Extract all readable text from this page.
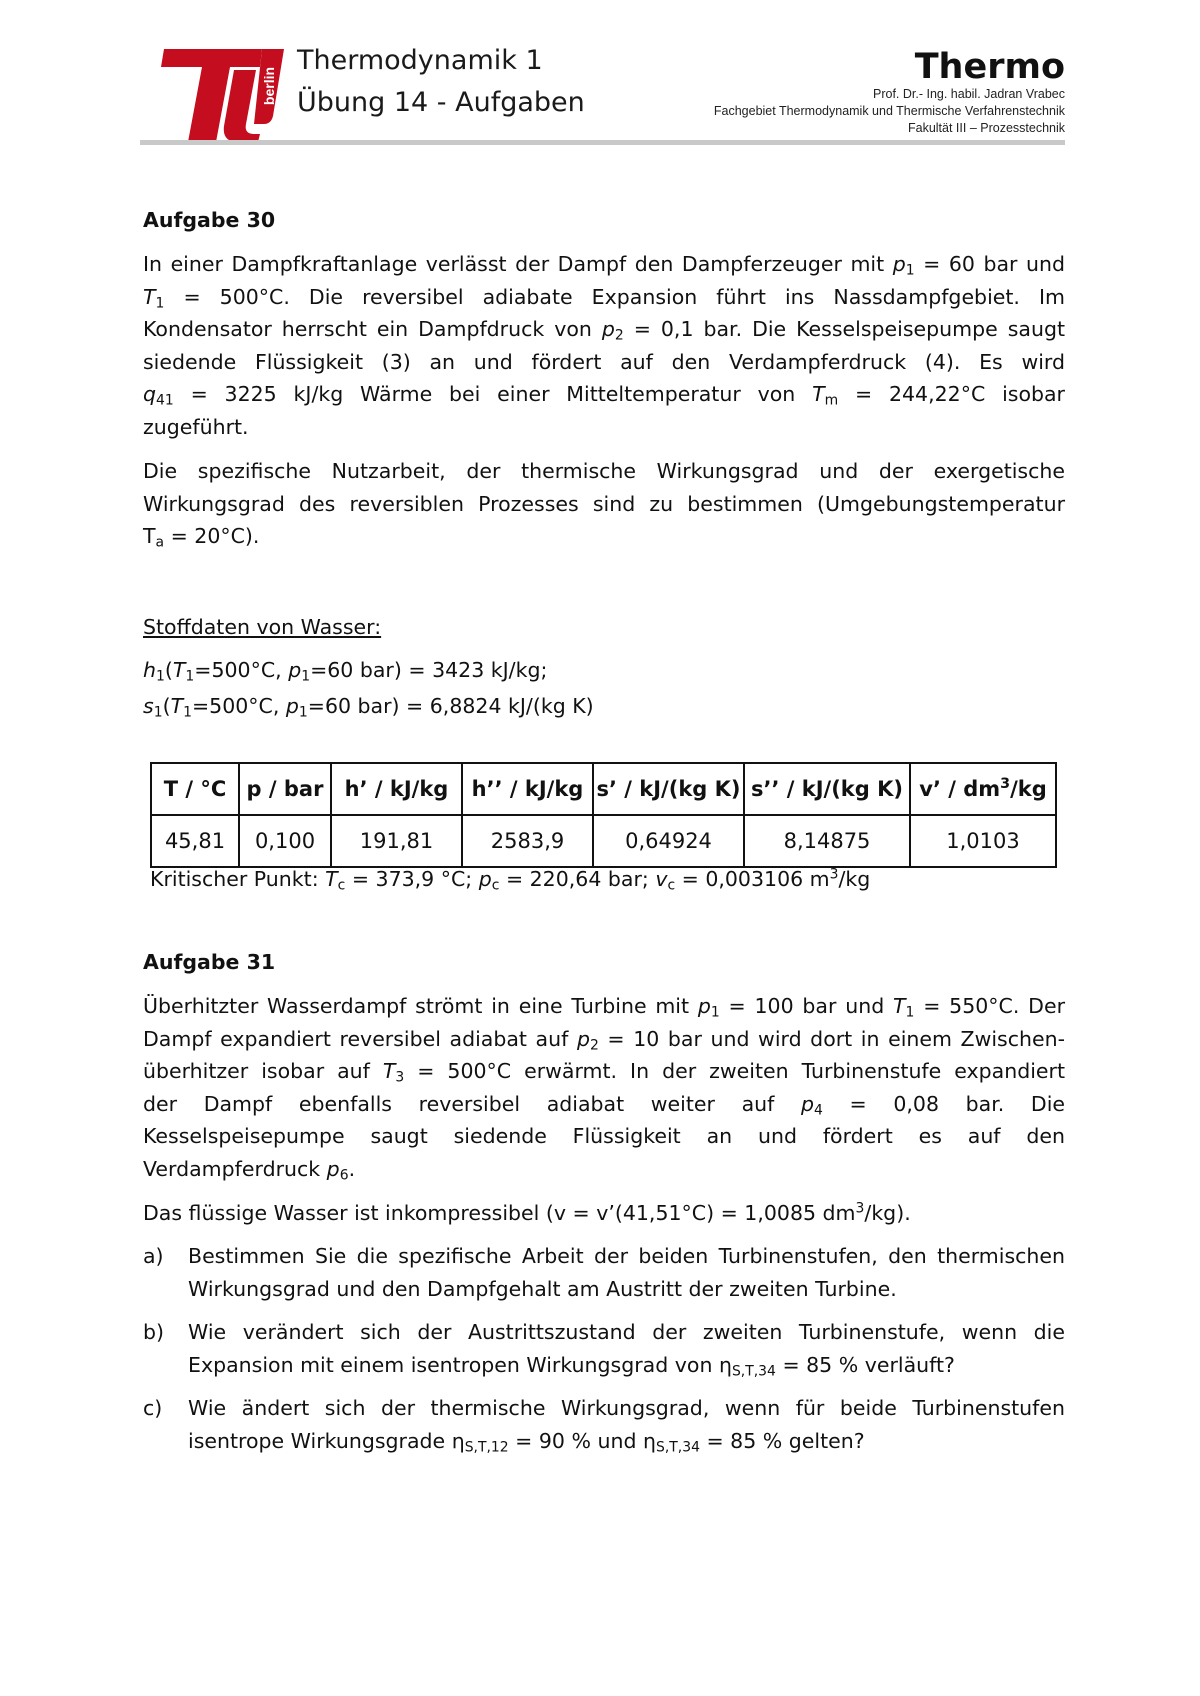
berlin
Thermodynamik 1
Übung 14 - Aufgaben
Thermo
Prof. Dr.- Ing. habil. Jadran Vrabec
Fachgebiet Thermodynamik und Thermische Verfahrenstechnik
Fakultät III – Prozesstechnik
Aufgabe 30
In einer Dampfkraftanlage verlässt der Dampf den Dampferzeuger mit $p_1 = 60$ bar und
$T_1 = 500^\circ C$. Die reversibel adiabate Expansion führt ins Nassdampfgebiet. Im
Kondensator herrscht ein Dampfdruck von $p_2 = 0,1$ bar. Die Kesselspeisepumpe saugt
siedende Flüssigkeit (3) an und fördert auf den Verdampferdruck (4). Es wird
$q_{41} = 3225$ kJ/kg Wärme bei einer Mitteltemperatur von $T_m = 244,22^\circ C$ isobar
zugeführt.
Die spezifische Nutzarbeit, der thermische Wirkungsgrad und der exergetische
Wirkungsgrad des reversiblen Prozesses sind zu bestimmen (Umgebungstemperatur
$T_a = 20^\circ C$).
Stoffdaten von Wasser:
$h_1(T_1=500^\circ C$, $p_1=60$ bar) = 3423 kJ/kg;
$s_1(T_1=500^\circ C$, $p_1=60$ bar) = 6,8824 kJ/(kg K)
T / °C	p / bar	h’ / kJ/kg	h’’ / kJ/kg	s’ / kJ/(kg K)	s’’ / kJ/(kg K)	v’ / $dm^3/kg$
45,81	0,100	191,81	2583,9	0,64924	8,14875	1,0103
Kritischer Punkt: $T_c = 373,9$ °C; $p_c = 220,64$ bar; $v_c = 0,003106$ $m^3/kg$
Aufgabe 31
Überhitzter Wasserdampf strömt in eine Turbine mit $p_1 = 100$ bar und $T_1 = 550^\circ C$. Der
Dampf expandiert reversibel adiabat auf $p_2 = 10$ bar und wird dort in einem Zwischen-
überhitzer isobar auf $T_3 = 500^\circ C$ erwärmt. In der zweiten Turbinenstufe expandiert
der Dampf ebenfalls reversibel adiabat weiter auf $p_4 = 0,08$ bar. Die
Kesselspeisepumpe saugt siedende Flüssigkeit an und fördert es auf den
Verdampferdruck $p_6$.
Das flüssige Wasser ist inkompressibel (v = v’(41,51°C) = 1,0085 $dm^3/kg$).
a) Bestimmen Sie die spezifische Arbeit der beiden Turbinenstufen, den thermischen Wirkungsgrad und den Dampfgehalt am Austritt der zweiten Turbine.
b) Wie verändert sich der Austrittszustand der zweiten Turbinenstufe, wenn die Expansion mit einem isentropen Wirkungsgrad von $\eta_{S,T,34} = 85$ % verläuft?
c) Wie ändert sich der thermische Wirkungsgrad, wenn für beide Turbinenstufen isentrope Wirkungsgrade $\eta_{S,T,12} = 90$ % und $\eta_{S,T,34} = 85$ % gelten?
